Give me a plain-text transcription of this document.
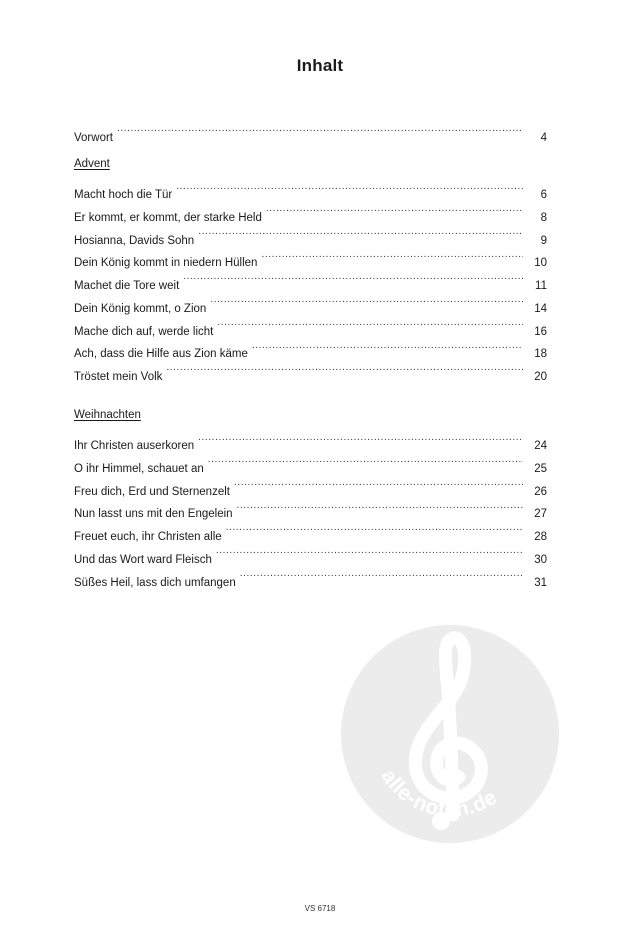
Inhalt
Vorwort .....	4
Advent
Macht hoch die Tür .....	6
Er kommt, er kommt, der starke Held .....	8
Hosianna, Davids Sohn .....	9
Dein König kommt in niedern Hüllen .....	10
Machet die Tore weit .....	11
Dein König kommt, o Zion .....	14
Mache dich auf, werde licht .....	16
Ach, dass die Hilfe aus Zion käme .....	18
Tröstet mein Volk .....	20
Weihnachten
Ihr Christen auserkoren .....	24
O ihr Himmel, schauet an .....	25
Freu dich, Erd und Sternenzelt .....	26
Nun lasst uns mit den Engelein .....	27
Freuet euch, ihr Christen alle .....	28
Und das Wort ward Fleisch .....	30
Süßes Heil, lass dich umfangen .....	31
alle-noten.de
VS 6718
